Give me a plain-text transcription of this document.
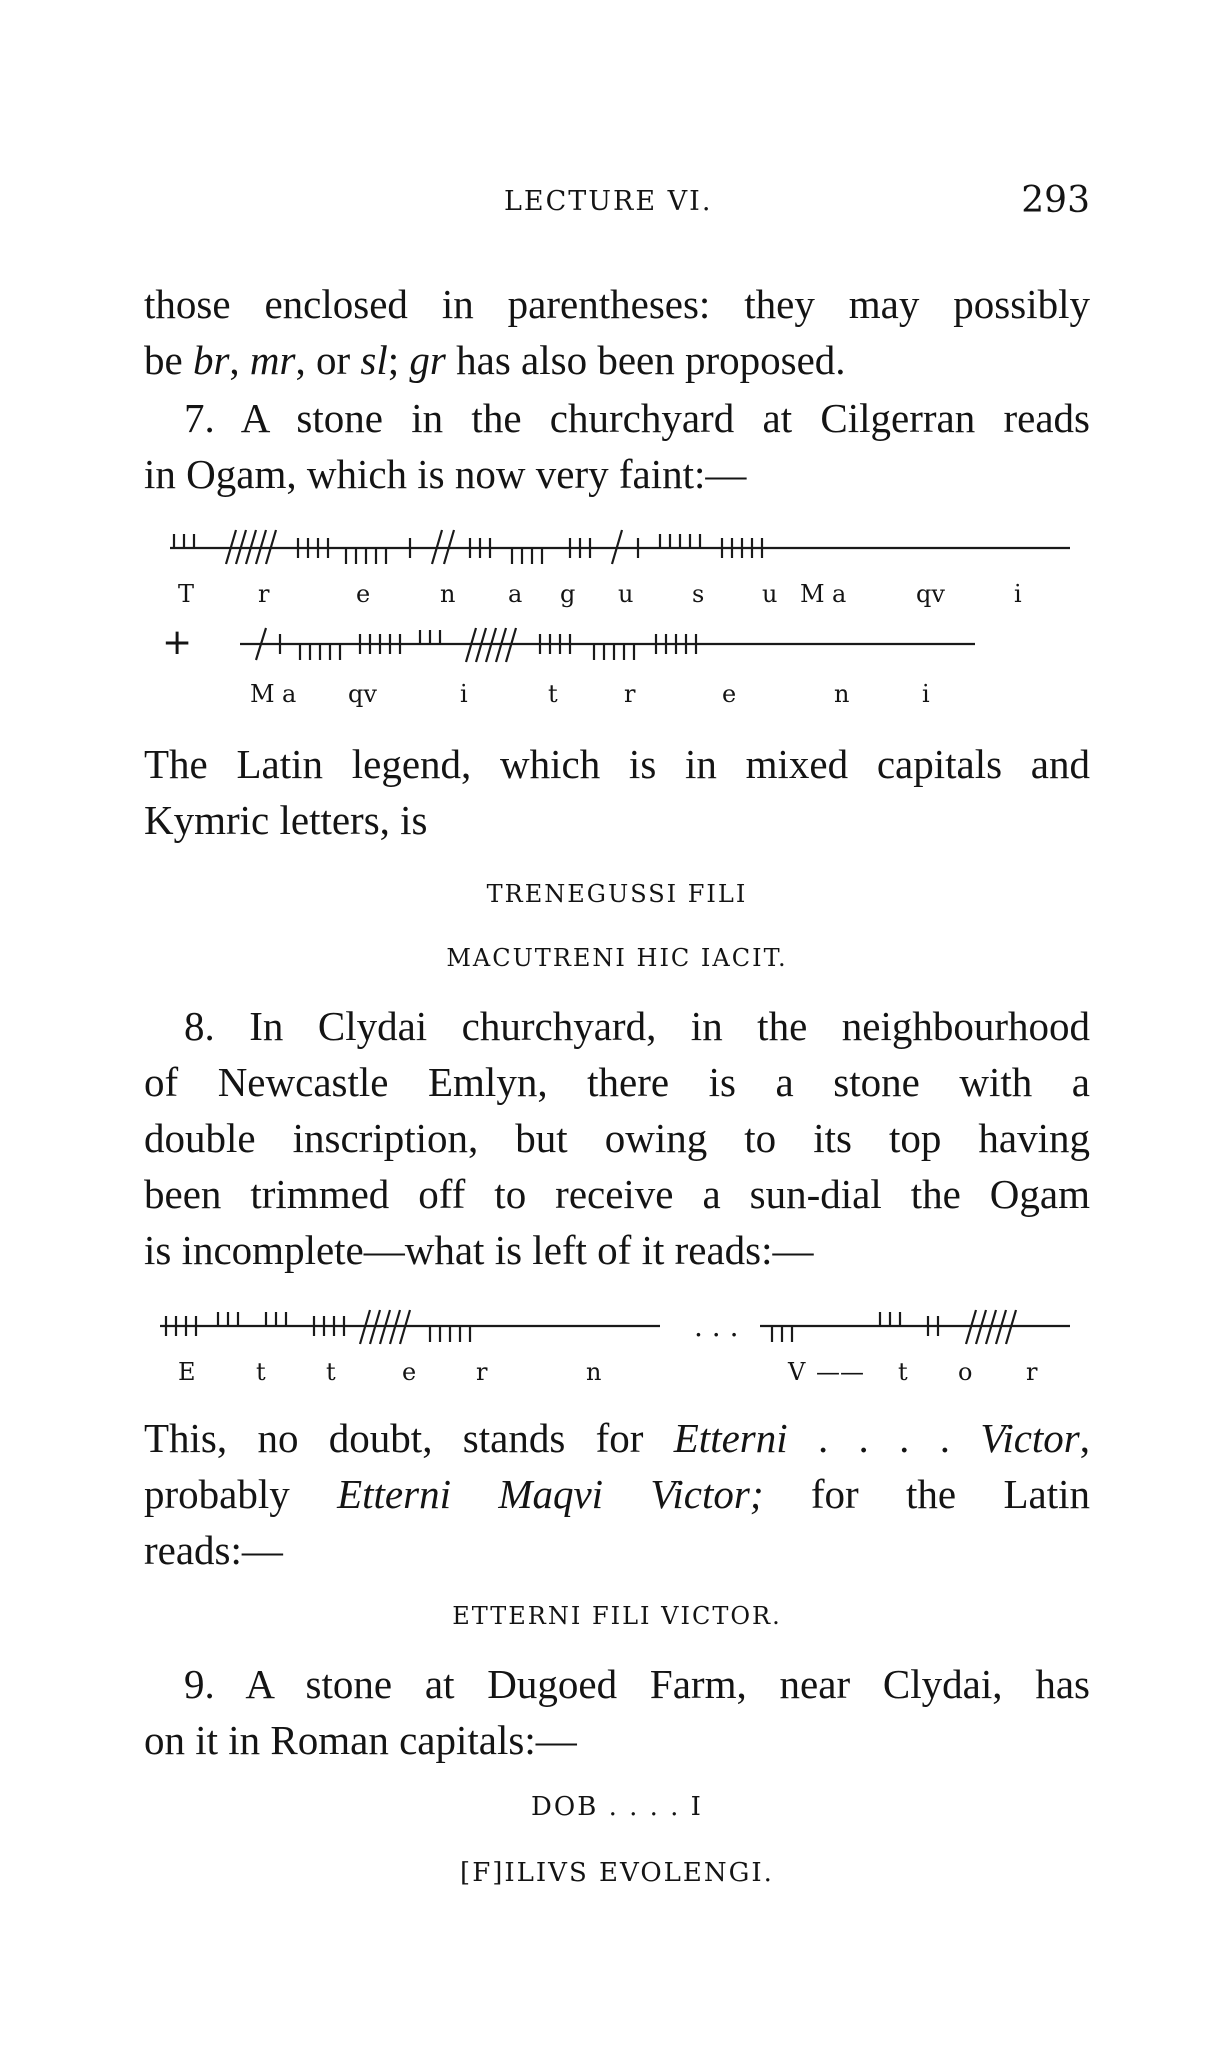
LECTURE VI.	293
those enclosed in parentheses: they may possibly
be br, mr, or sl; gr has also been proposed.
7. A stone in the churchyard at Cilgerran reads
in Ogam, which is now very faint:—
T	r	e	n a g u s u M a	qv	i
+
M a qv	i	t	r	e	n	i
The Latin legend, which is in mixed capitals and
Kymric letters, is
TRENEGUSSI FILI
MACUTRENI HIC IACIT.
8. In Clydai churchyard, in the neighbourhood
of Newcastle Emlyn, there is a stone with a
double inscription, but owing to its top having
been trimmed off to receive a sun-dial the Ogam
is incomplete—what is left of it reads:—
. . .
E	t	t	e r	n	V —— t o r
This, no doubt, stands for Etterni . . . . Victor,
probably Etterni Maqvi Victor; for the Latin
reads:—
ETTERNI FILI VICTOR.
9. A stone at Dugoed Farm, near Clydai, has
on it in Roman capitals:—
DOB . . . . I
[F]ILIVS EVOLENGI.
